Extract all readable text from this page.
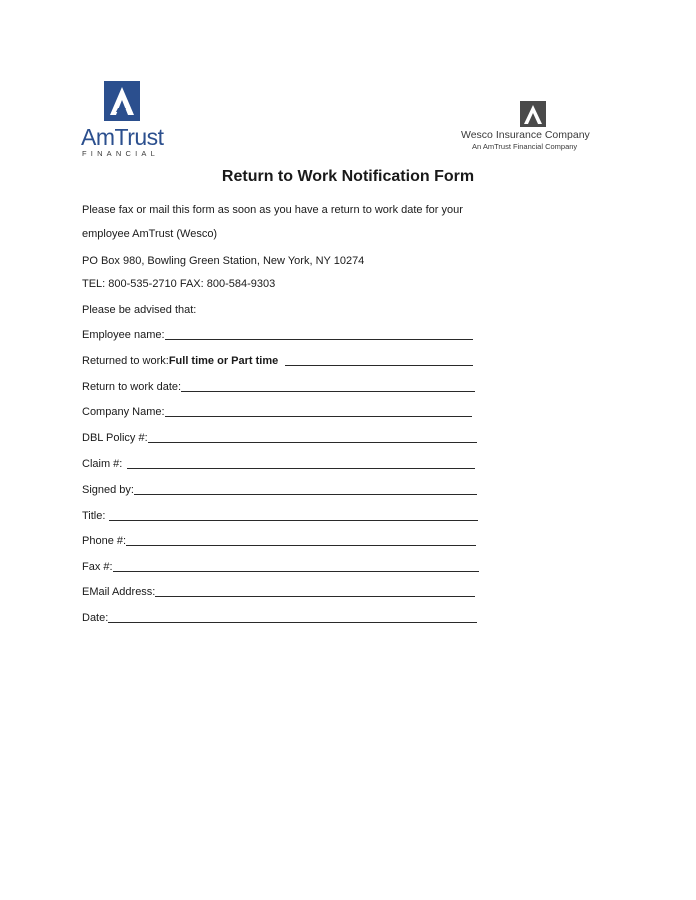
AmTrust
FINANCIAL
Wesco Insurance Company
An AmTrust Financial Company
Return to Work Notification Form
Please fax or mail this form as soon as you have a return to work date for your
employee AmTrust (Wesco)
PO Box 980, Bowling Green Station, New York, NY 10274
TEL: 800-535-2710 FAX: 800-584-9303
Please be advised that:
Employee name:
Returned to work: Full time or Part time
Return to work date:
Company Name:
DBL Policy #:
Claim #:
Signed by:
Title:
Phone #:
Fax #:
EMail Address:
Date:
